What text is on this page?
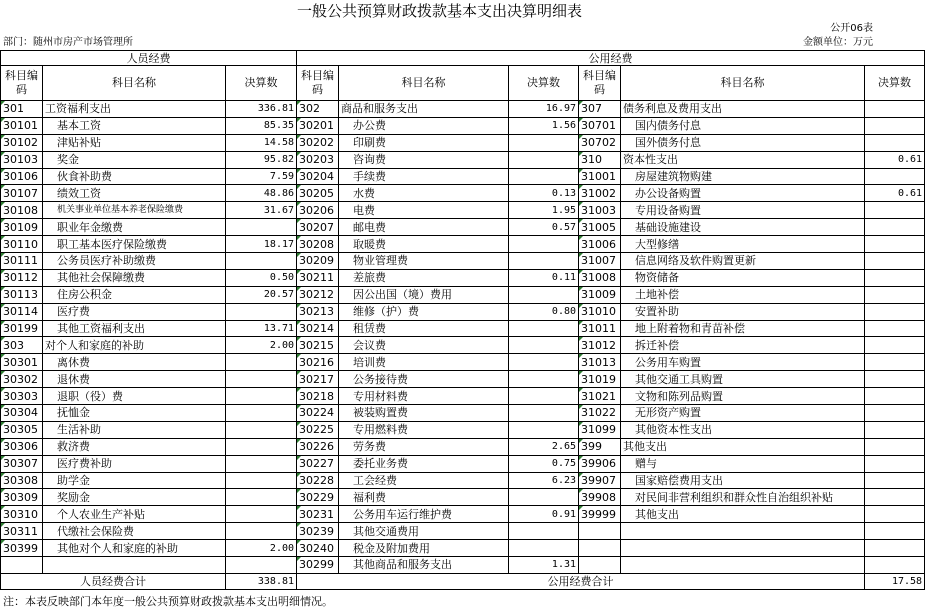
一般公共预算财政拨款基本支出决算明细表
公开06表
部门：随州市房产市场管理所	金额单位：万元
人员经费			公用经费					
科目编码	科目名称	决算数	科目编码	科目名称	决算数	科目编码	科目名称	决算数
301	工资福利支出	336.81	302	商品和服务支出	16.97	307	债务利息及费用支出	
30101	基本工资	85.35	30201	办公费	1.56	30701	国内债务付息	
30102	津贴补贴	14.58	30202	印刷费		30702	国外债务付息	
30103	奖金	95.82	30203	咨询费		310	资本性支出	0.61
30106	伙食补助费	7.59	30204	手续费		31001	房屋建筑物购建	
30107	绩效工资	48.86	30205	水费	0.13	31002	办公设备购置	0.61
30108	机关事业单位基本养老保险缴费	31.67	30206	电费	1.95	31003	专用设备购置	
30109	职业年金缴费		30207	邮电费	0.57	31005	基础设施建设	
30110	职工基本医疗保险缴费	18.17	30208	取暖费		31006	大型修缮	
30111	公务员医疗补助缴费		30209	物业管理费		31007	信息网络及软件购置更新	
30112	其他社会保障缴费	0.50	30211	差旅费	0.11	31008	物资储备	
30113	住房公积金	20.57	30212	因公出国（境）费用		31009	土地补偿	
30114	医疗费		30213	维修（护）费	0.80	31010	安置补助	
30199	其他工资福利支出	13.71	30214	租赁费		31011	地上附着物和青苗补偿	
303	对个人和家庭的补助	2.00	30215	会议费		31012	拆迁补偿	
30301	离休费		30216	培训费		31013	公务用车购置	
30302	退休费		30217	公务接待费		31019	其他交通工具购置	
30303	退职（役）费		30218	专用材料费		31021	文物和陈列品购置	
30304	抚恤金		30224	被装购置费		31022	无形资产购置	
30305	生活补助		30225	专用燃料费		31099	其他资本性支出	
30306	救济费		30226	劳务费	2.65	399	其他支出	
30307	医疗费补助		30227	委托业务费	0.75	39906	赠与	
30308	助学金		30228	工会经费	6.23	39907	国家赔偿费用支出	
30309	奖励金		30229	福利费		39908	对民间非营利组织和群众性自治组织补贴	
30310	个人农业生产补贴		30231	公务用车运行维护费	0.91	39999	其他支出	
30311	代缴社会保险费		30239	其他交通费用				
30399	其他对个人和家庭的补助	2.00	30240	税金及附加费用				
			30299	其他商品和服务支出	1.31			
人员经费合计		338.81	公用经费合计					17.58
注：本表反映部门本年度一般公共预算财政拨款基本支出明细情况。
